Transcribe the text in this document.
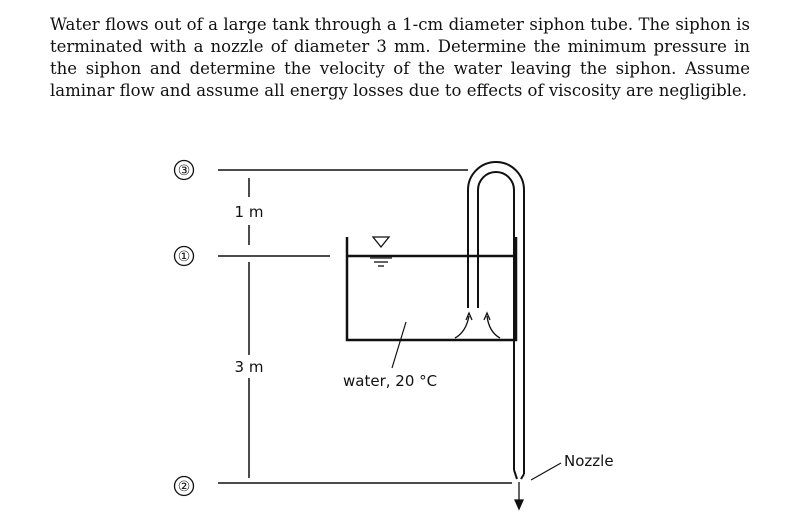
Water flows out of a large tank through a 1-cm diameter siphon tube. The siphon is terminated with a nozzle of diameter 3 mm. Determine the minimum pressure in the siphon and determine the velocity of the water leaving the siphon. Assume laminar flow and assume all energy losses due to effects of viscosity are negligible.

③
①
②
1 m
3 m
water, 20 °C
Nozzle
